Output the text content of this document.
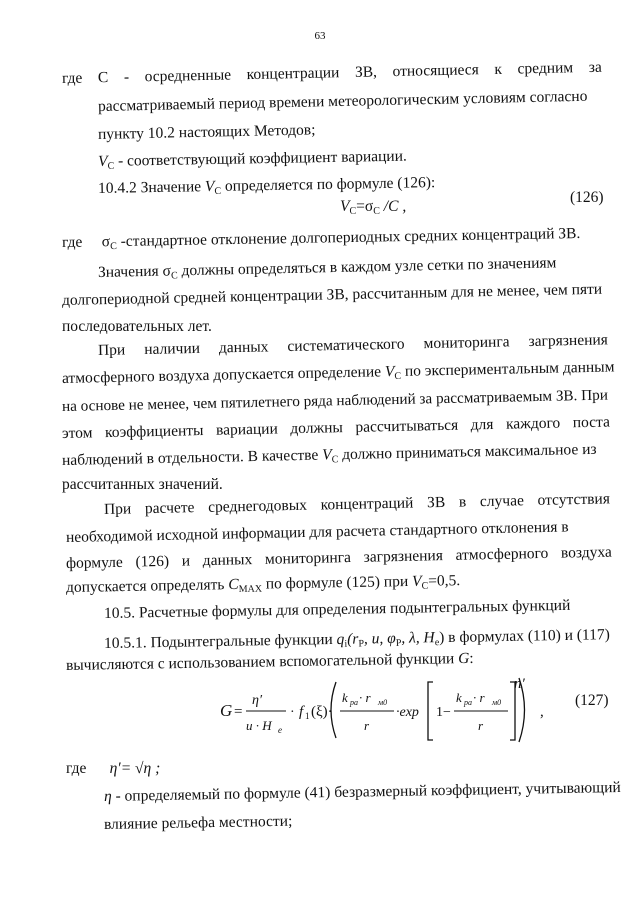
63
где С - осредненные концентрации ЗВ, относящиеся к средним за
рассматриваемый период времени метеорологическим условиям согласно
пункту 10.2 настоящих Методов;
$V_C$ - соответствующий коэффициент вариации.
10.4.2 Значение $V_C$ определяется по формуле (126):
$V_C=\sigma_C$ /C ,
(126)
где $\sigma_C$ -стандартное отклонение долгопериодных средних концентраций ЗВ.
Значения $\sigma_C$ должны определяться в каждом узле сетки по значениям
долгопериодной средней концентрации ЗВ, рассчитанным для не менее, чем пяти
последовательных лет.
При наличии данных систематического мониторинга загрязнения
атмосферного воздуха допускается определение $V_C$ по экспериментальным данным
на основе не менее, чем пятилетнего ряда наблюдений за рассматриваемым ЗВ. При
этом коэффициенты вариации должны рассчитываться для каждого поста
наблюдений в отдельности. В качестве $V_C$ должно приниматься максимальное из
рассчитанных значений.
При расчете среднегодовых концентраций ЗВ в случае отсутствия
необходимой исходной информации для расчета стандартного отклонения в
формуле (126) и данных мониторинга загрязнения атмосферного воздуха
допускается определять $C_{MAX}$ по формуле (125) при $V_C=0,5$.
10.5. Расчетные формулы для определения подынтегральных функций
10.5.1. Подынтегральные функции $q_i(r_P$, u, $\varphi_P$, λ, $H_e$) в формулах (110) и (117)
вычисляются с использованием вспомогательной функции G:
G =
η′
u · H e
· f 1 (ξ)·
k pa · r м0
r
·exp 1−
k pa · r м0
r
n′
,
(127)
где η′= √η ;
η - определяемый по формуле (41) безразмерный коэффициент, учитывающий
влияние рельефа местности;
